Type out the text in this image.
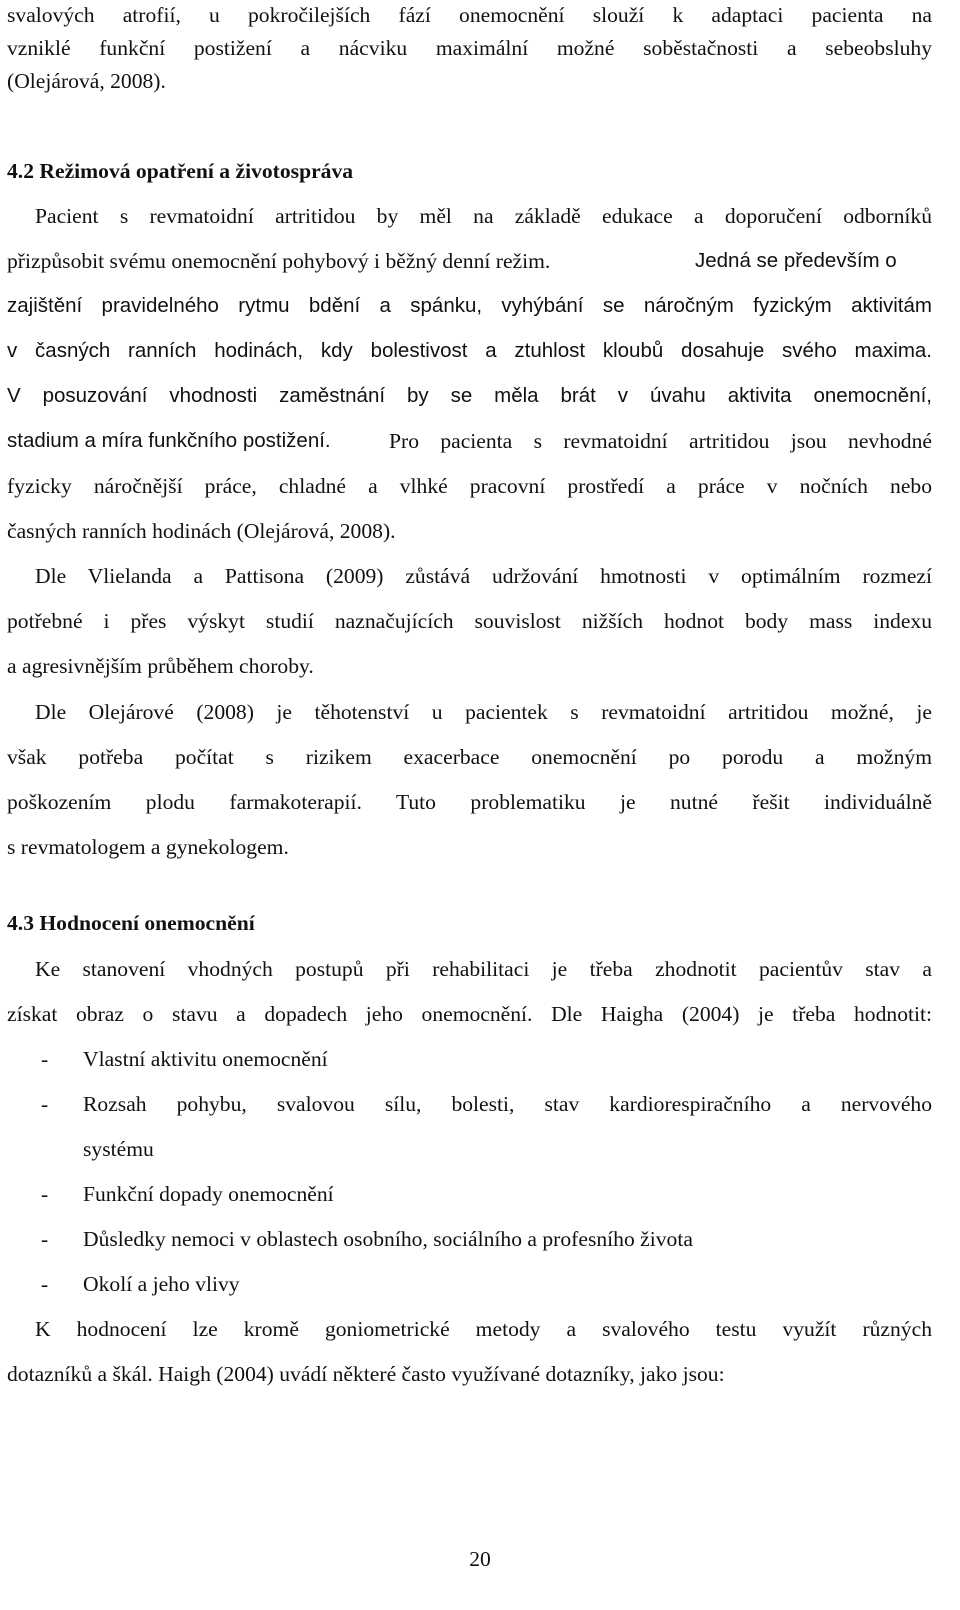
svalových atrofií, u pokročilejších fází onemocnění slouží k adaptaci pacienta na
vzniklé funkční postižení a nácviku maximální možné soběstačnosti a sebeobsluhy
(Olejárová, 2008).
4.2 Režimová opatření a životospráva
Pacient s revmatoidní artritidou by měl na základě edukace a doporučení odborníků
přizpůsobit svému onemocnění pohybový i běžný denní režim.	Jedná se především o
zajištění pravidelného rytmu bdění a spánku, vyhýbání se náročným fyzickým aktivitám
v časných ranních hodinách, kdy bolestivost a ztuhlost kloubů dosahuje svého maxima.
V posuzování vhodnosti zaměstnání by se měla brát v úvahu aktivita onemocnění,
stadium a míra funkčního postižení.	Pro pacienta s revmatoidní artritidou jsou nevhodné
fyzicky náročnější práce, chladné a vlhké pracovní prostředí a práce v nočních nebo
časných ranních hodinách (Olejárová, 2008).
Dle Vlielanda a Pattisona (2009) zůstává udržování hmotnosti v optimálním rozmezí
potřebné i přes výskyt studií naznačujících souvislost nižších hodnot body mass indexu
a agresivnějším průběhem choroby.
Dle Olejárové (2008) je těhotenství u pacientek s revmatoidní artritidou možné, je
však potřeba počítat s rizikem exacerbace onemocnění po porodu a možným
poškozením plodu farmakoterapií. Tuto problematiku je nutné řešit individuálně
s revmatologem a gynekologem.
4.3 Hodnocení onemocnění
Ke stanovení vhodných postupů při rehabilitaci je třeba zhodnotit pacientův stav a
získat obraz o stavu a dopadech jeho onemocnění. Dle Haigha (2004) je třeba hodnotit:
- Vlastní aktivitu onemocnění
- Rozsah pohybu, svalovou sílu, bolesti, stav kardiorespiračního a nervového
systému
- Funkční dopady onemocnění
- Důsledky nemoci v oblastech osobního, sociálního a profesního života
- Okolí a jeho vlivy
K hodnocení lze kromě goniometrické metody a svalového testu využít různých
dotazníků a škál. Haigh (2004) uvádí některé často využívané dotazníky, jako jsou:
20
